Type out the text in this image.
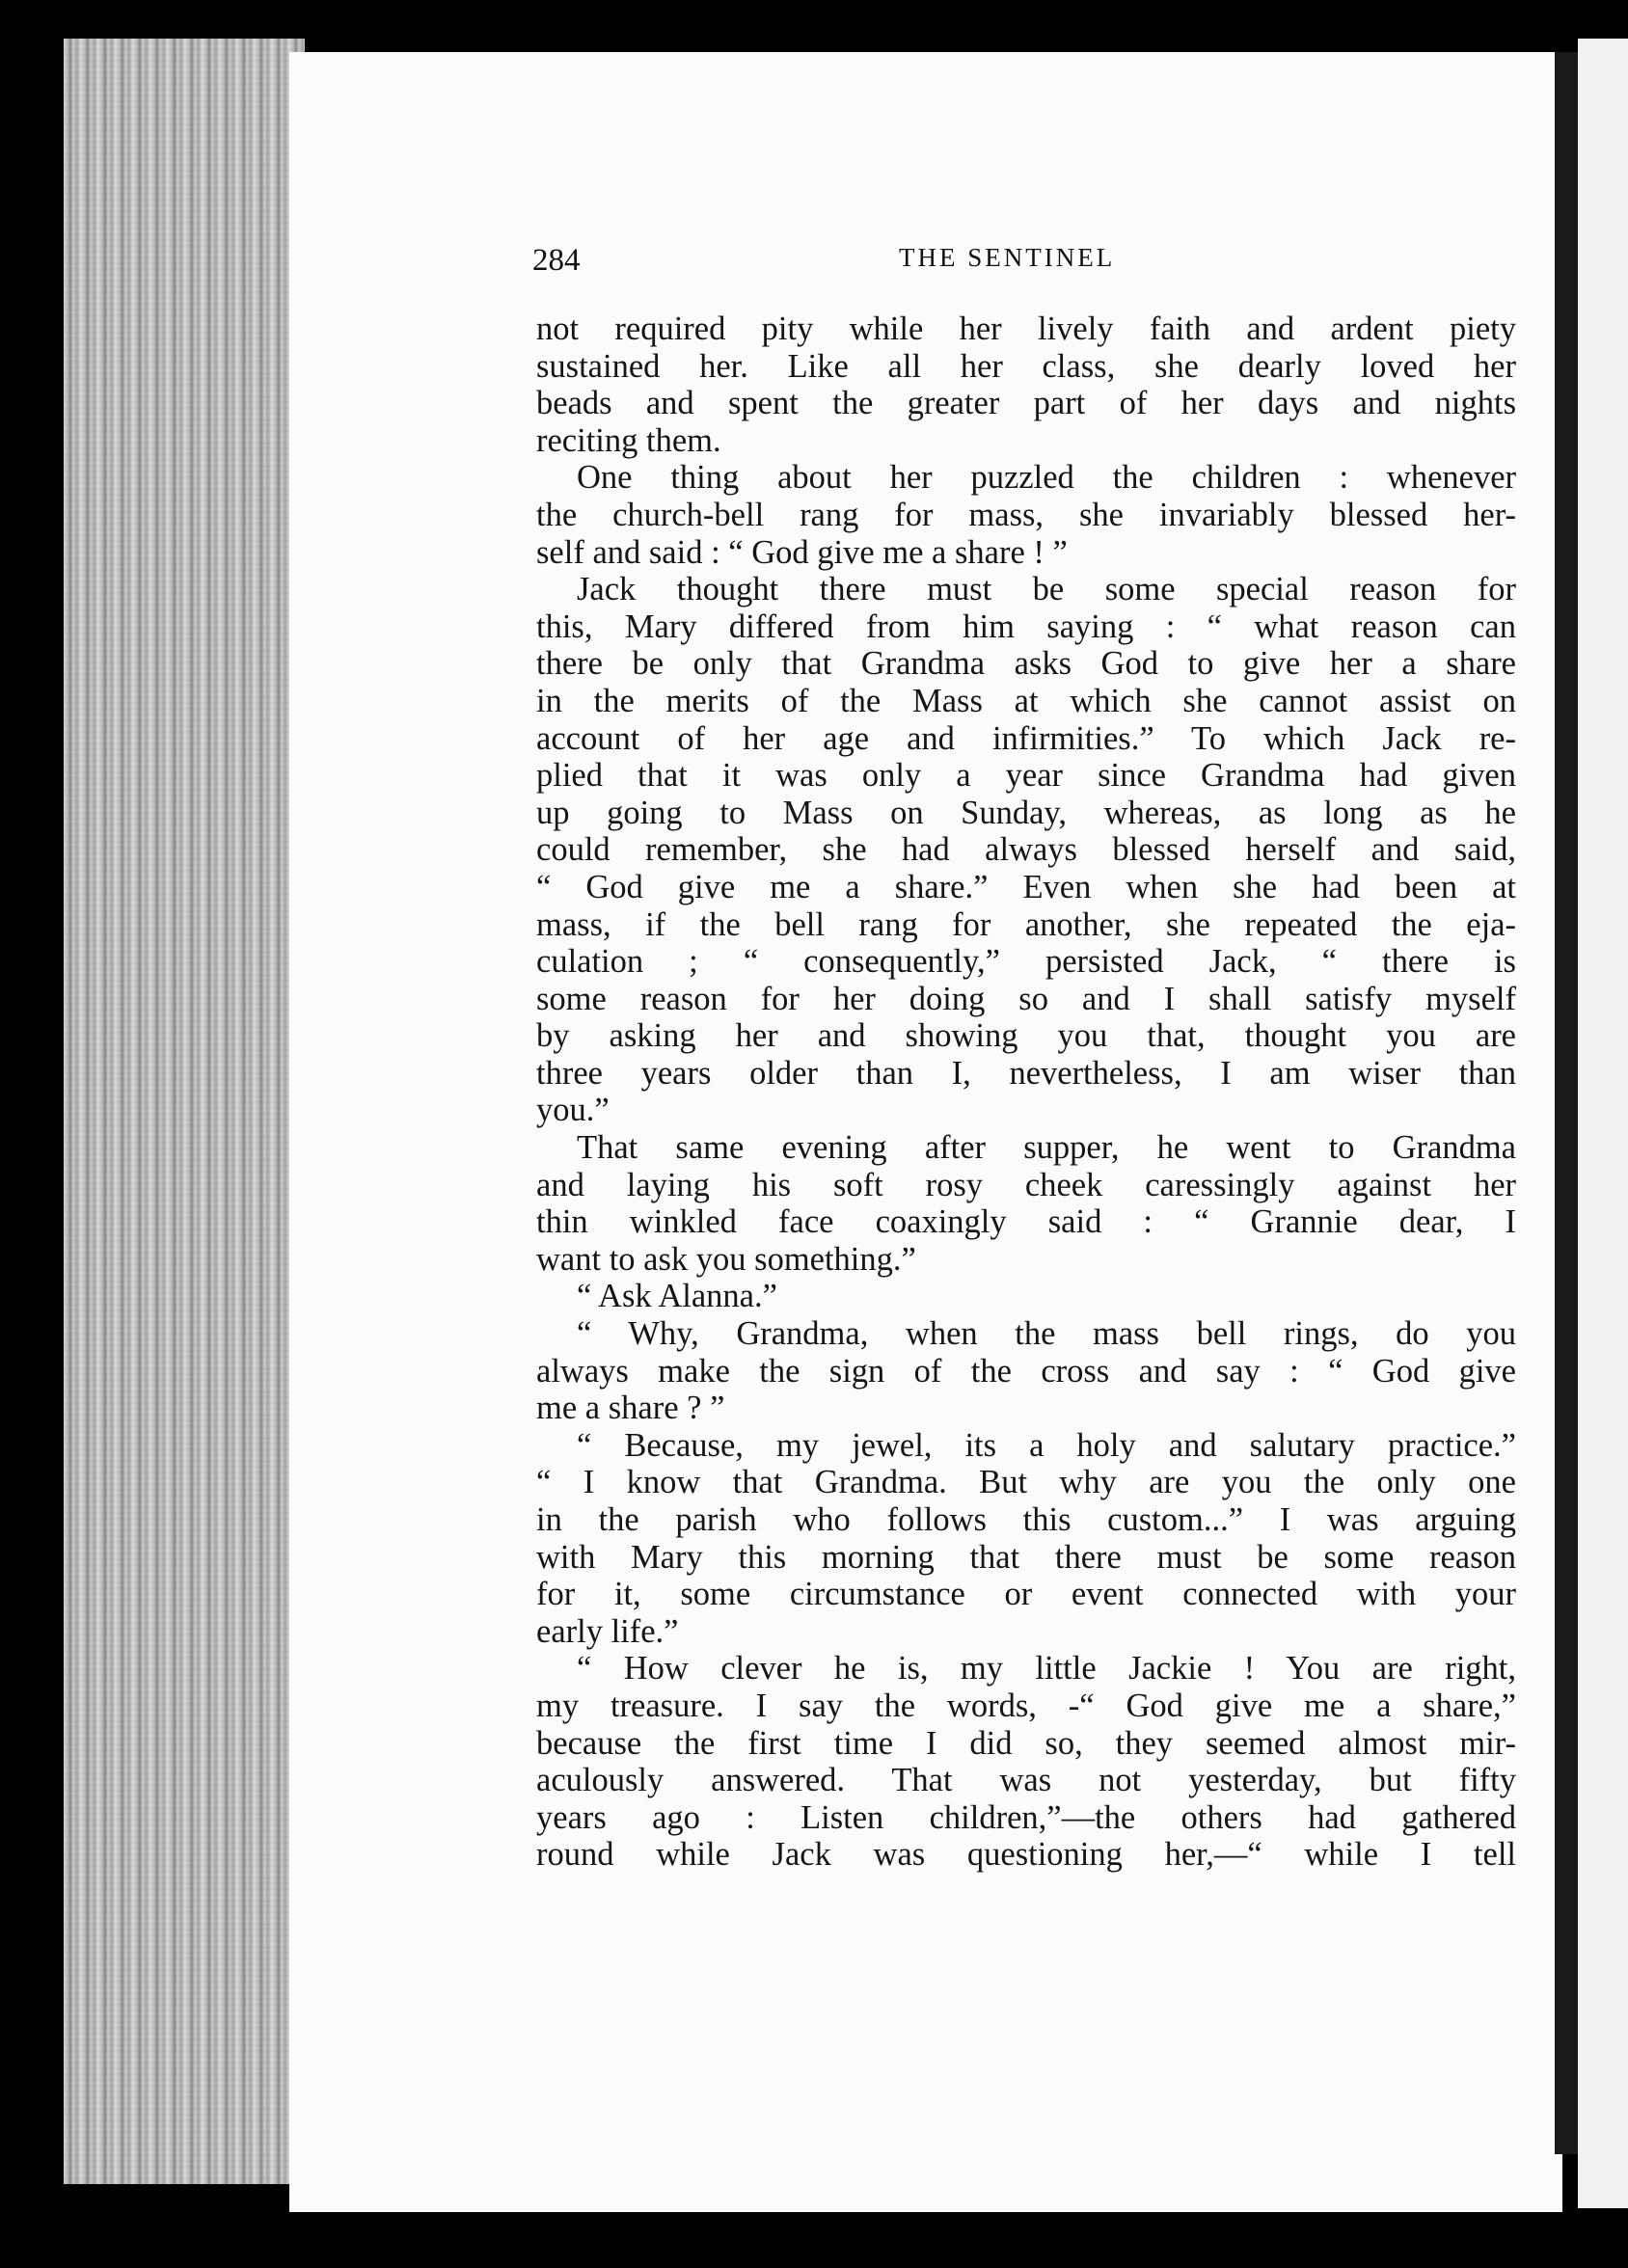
284	THE SENTINEL
not required pity while her lively faith and ardent piety
sustained her. Like all her class, she dearly loved her
beads and spent the greater part of her days and nights
reciting them.
One thing about her puzzled the children : whenever
the church-bell rang for mass, she invariably blessed her-
self and said : “ God give me a share ! ”
Jack thought there must be some special reason for
this, Mary differed from him saying : “ what reason can
there be only that Grandma asks God to give her a share
in the merits of the Mass at which she cannot assist on
account of her age and infirmities.” To which Jack re-
plied that it was only a year since Grandma had given
up going to Mass on Sunday, whereas, as long as he
could remember, she had always blessed herself and said,
“ God give me a share.” Even when she had been at
mass, if the bell rang for another, she repeated the eja-
culation ; “ consequently,” persisted Jack, “ there is
some reason for her doing so and I shall satisfy myself
by asking her and showing you that, thought you are
three years older than I, nevertheless, I am wiser than
you.”
That same evening after supper, he went to Grandma
and laying his soft rosy cheek caressingly against her
thin winkled face coaxingly said : “ Grannie dear, I
want to ask you something.”
“ Ask Alanna.”
“ Why, Grandma, when the mass bell rings, do you
always make the sign of the cross and say : “ God give
me a share ? ”
“ Because, my jewel, its a holy and salutary practice.”
“ I know that Grandma. But why are you the only one
in the parish who follows this custom...” I was arguing
with Mary this morning that there must be some reason
for it, some circumstance or event connected with your
early life.”
“ How clever he is, my little Jackie ! You are right,
my treasure. I say the words, -“ God give me a share,”
because the first time I did so, they seemed almost mir-
aculously answered. That was not yesterday, but fifty
years ago : Listen children,”—the others had gathered
round while Jack was questioning her,—“ while I tell
